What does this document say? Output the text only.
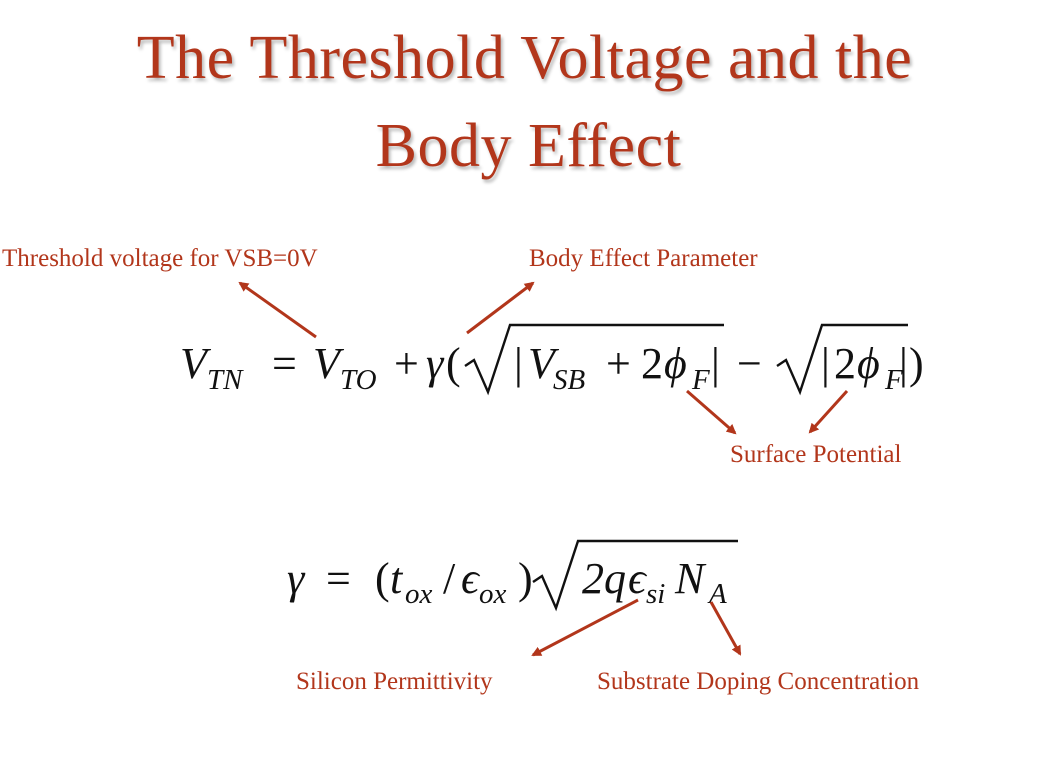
The Threshold Voltage and the
Body Effect
Threshold voltage for VSB=0V	Body Effect Parameter
Surface Potential
Silicon Permittivity	Substrate Doping Concentration
V TN = V TO + γ ( | V
SB + 2 ϕ F | − | 2 ϕ F
| )
γ = ( t ox / ϵ ox ) 2q ϵ si N A
